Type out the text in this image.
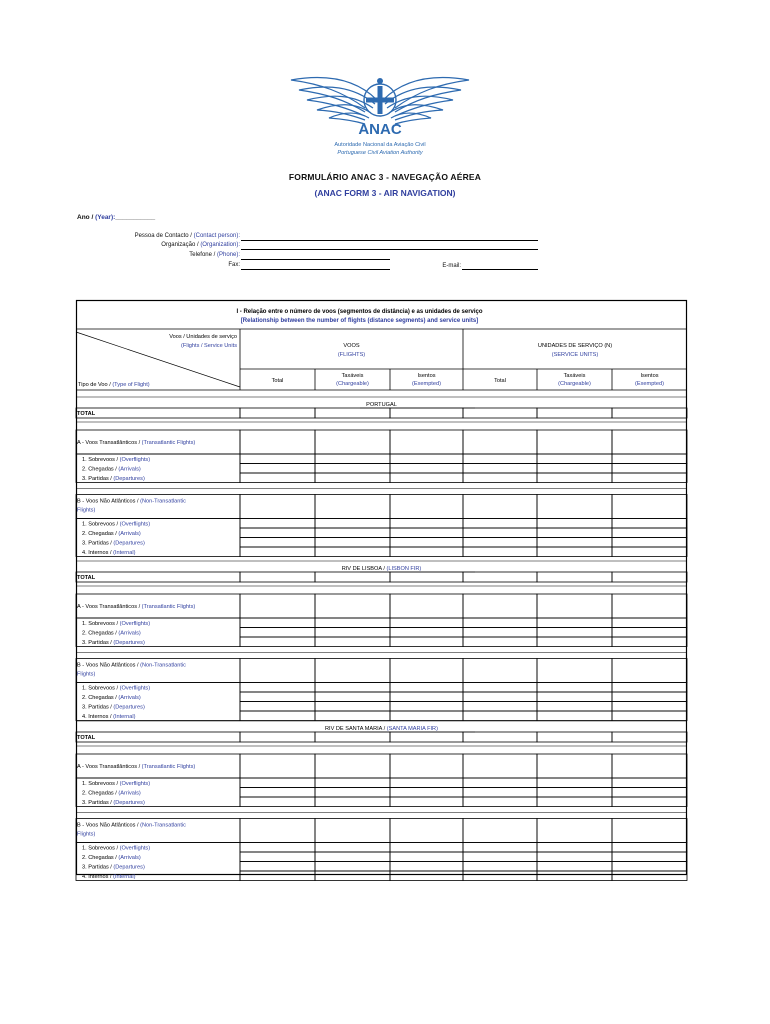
ANAC
Autoridade Nacional da Aviação Civil
Portuguese Civil Aviation Authority
FORMULÁRIO ANAC 3 - NAVEGAÇÃO AÉREA
(ANAC FORM 3 - AIR NAVIGATION)
Ano / (Year):___________
Pessoa de Contacto / (Contact person):
Organização / (Organization):
Telefone / (Phone):
Fax:	E-mail:
I - Relação entre o número de voos (segmentos de distância) e as unidades de serviço
[Relationship between the number of flights (distance segments) and service units]
Voos / Unidades de serviço
(Flights / Service Units
Tipo de Voo / (Type of Flight)
VOOS
(FLIGHTS)
UNIDADES DE SERVIÇO (N)
(SERVICE UNITS)
Total	Total
Taxáveis
(Chargeable)
Taxáveis
(Chargeable)
Isentos
(Exempted)
Isentos
(Exempted)
PORTUGAL
TOTAL
A - Voos Transatlânticos / (Transatlantic Flights)
1. Sobrevoos / (Overflights)
2. Chegadas / (Arrivals)
3. Partidas / (Departures)
B - Voos Não Atlânticos / (Non-Transatlantic
Flights)
1. Sobrevoos / (Overflights)
2. Chegadas / (Arrivals)
3. Partidas / (Departures)
4. Internos / (Internal)
RIV DE LISBOA / (LISBON FIR)
TOTAL
A - Voos Transatlânticos / (Transatlantic Flights)
1. Sobrevoos / (Overflights)
2. Chegadas / (Arrivals)
3. Partidas / (Departures)
B - Voos Não Atlânticos / (Non-Transatlantic
Flights)
1. Sobrevoos / (Overflights)
2. Chegadas / (Arrivals)
3. Partidas / (Departures)
4. Internos / (Internal)
RIV DE SANTA MARIA / (SANTA MARIA FIR)
TOTAL
A - Voos Transatlânticos / (Transatlantic Flights)
1. Sobrevoos / (Overflights)
2. Chegadas / (Arrivals)
3. Partidas / (Departures)
B - Voos Não Atlânticos / (Non-Transatlantic
Flights)
1. Sobrevoos / (Overflights)
2. Chegadas / (Arrivals)
3. Partidas / (Departures)
4. Internos / (Internal)
